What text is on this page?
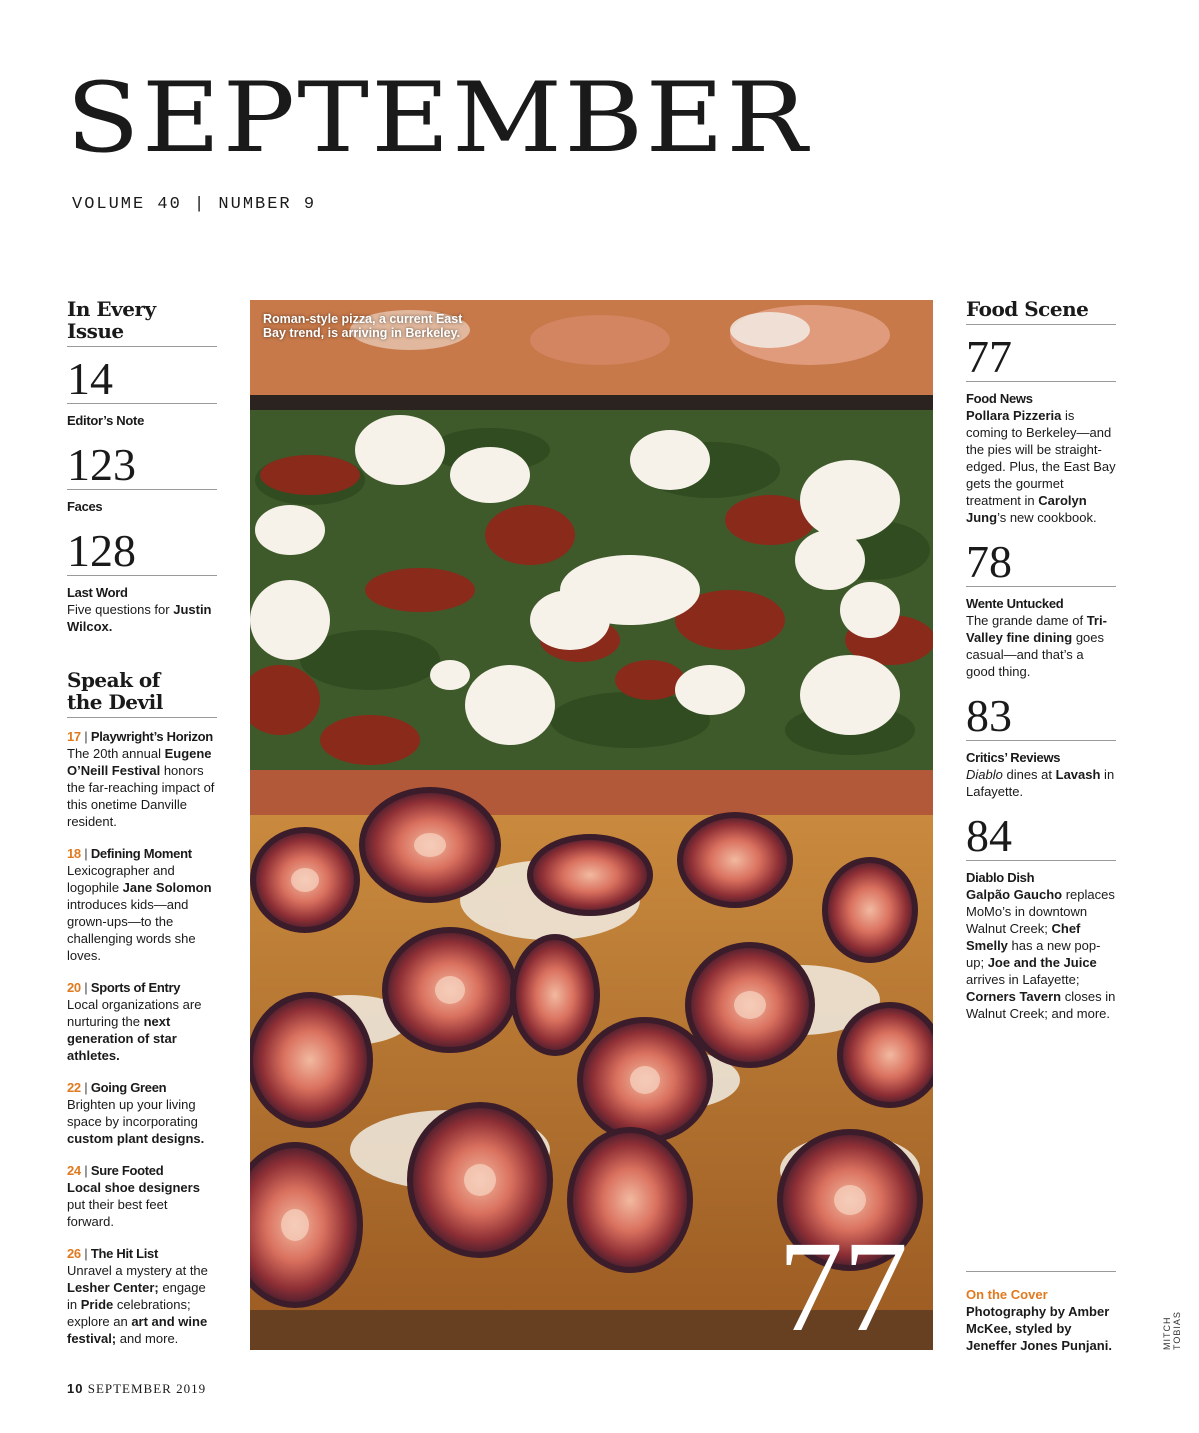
SEPTEMBER
VOLUME 40 | NUMBER 9
In Every Issue
14
Editor’s Note
123
Faces
128
Last Word
Five questions for Justin Wilcox.
Speak of
the Devil
17 | Playwright’s Horizon
The 20th annual Eugene O’Neill Festival honors the far-reaching impact of this onetime Danville resident.
18 | Defining Moment
Lexicographer and logophile Jane Solomon introduces kids—and grown-ups—to the challenging words she loves.
20 | Sports of Entry
Local organizations are nurturing the next generation of star athletes.
22 | Going Green
Brighten up your living space by incorporating custom plant designs.
24 | Sure Footed
Local shoe designers put their best feet forward.
26 | The Hit List
Unravel a mystery at the Lesher Center; engage in Pride celebrations; explore an art and wine festival; and more.
Roman-style pizza, a current East Bay trend, is arriving in Berkeley.
77
Food Scene
77
Food News
Pollara Pizzeria is coming to Berkeley—and the pies will be straight-edged. Plus, the East Bay gets the gourmet treatment in Carolyn Jung’s new cookbook.
78
Wente Untucked
The grande dame of Tri-Valley fine dining goes casual—and that’s a good thing.
83
Critics’ Reviews
Diablo dines at Lavash in Lafayette.
84
Diablo Dish
Galpão Gaucho replaces MoMo’s in downtown Walnut Creek; Chef Smelly has a new pop-up; Joe and the Juice arrives in Lafayette; Corners Tavern closes in Walnut Creek; and more.
On the Cover
Photography by Amber McKee, styled by Jeneffer Jones Punjani.	MITCH TOBIAS
10 SEPTEMBER 2019
